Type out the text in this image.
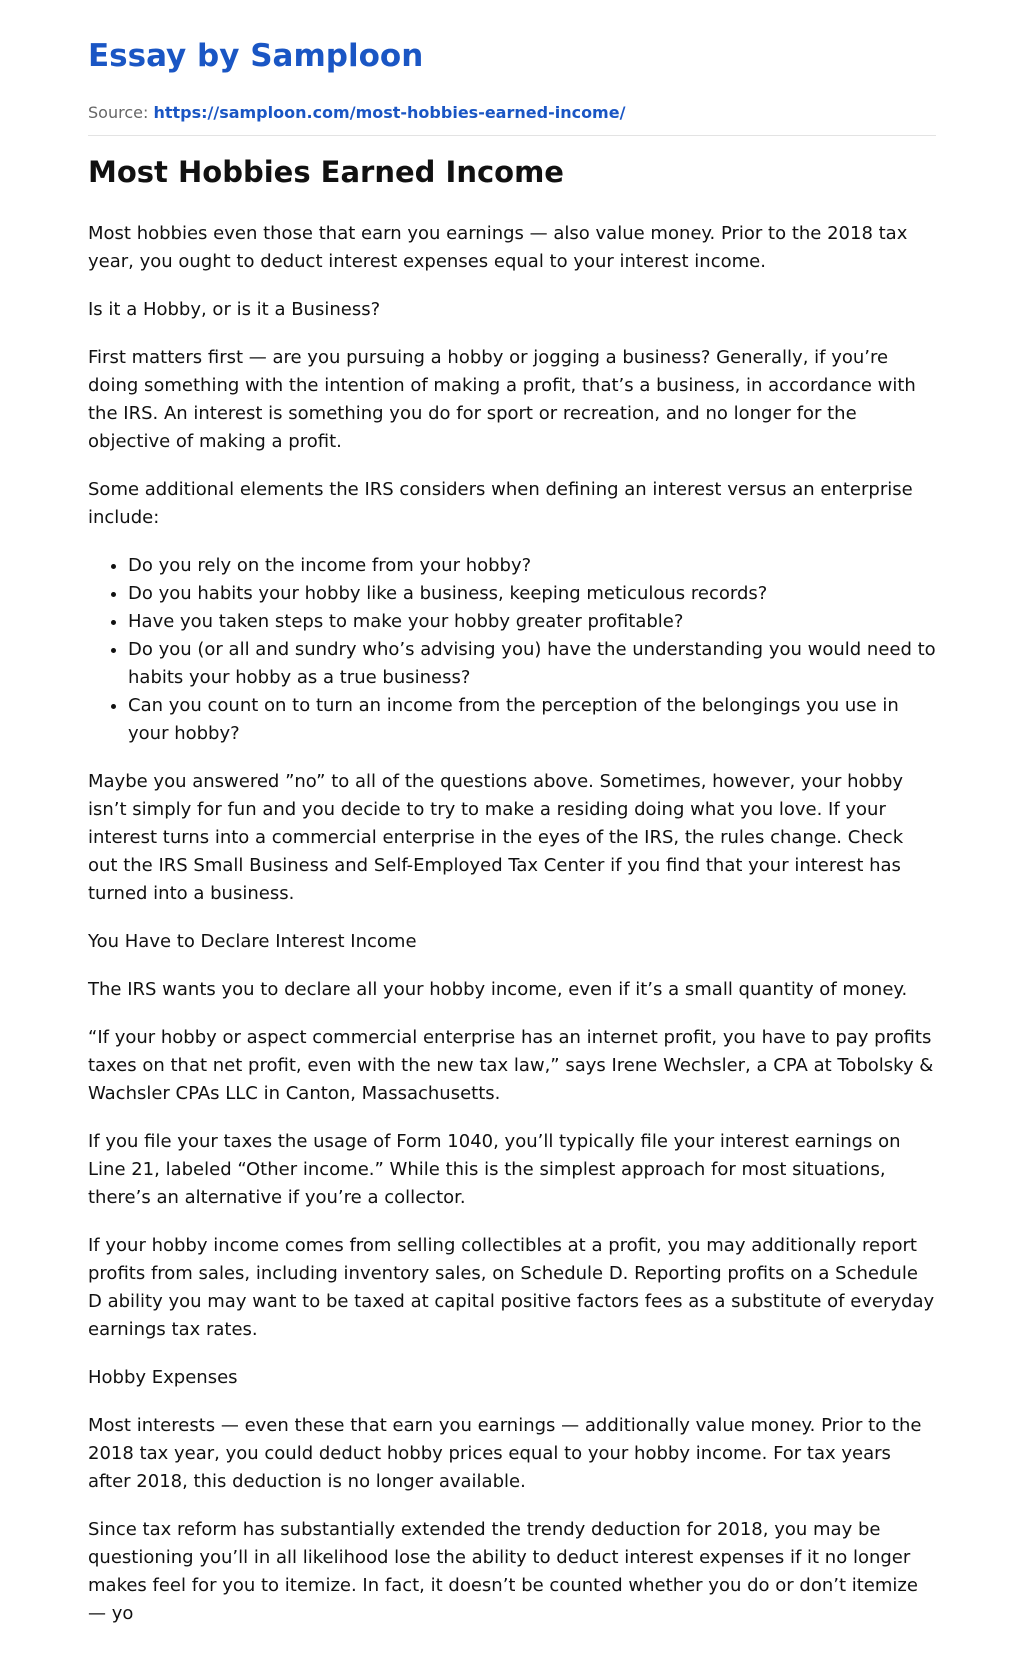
Essay by Samploon
Source: https://samploon.com/most-hobbies-earned-income/
Most Hobbies Earned Income

Most hobbies even those that earn you earnings — also value money. Prior to the 2018 tax year, you ought to deduct interest expenses equal to your interest income.

Is it a Hobby, or is it a Business?

First matters first — are you pursuing a hobby or jogging a business? Generally, if you’re doing something with the intention of making a profit, that’s a business, in accordance with the IRS. An interest is something you do for sport or recreation, and no longer for the objective of making a profit.

Some additional elements the IRS considers when defining an interest versus an enterprise include:

• Do you rely on the income from your hobby?
• Do you habits your hobby like a business, keeping meticulous records?
• Have you taken steps to make your hobby greater profitable?
• Do you (or all and sundry who’s advising you) have the understanding you would need to habits your hobby as a true business?
• Can you count on to turn an income from the perception of the belongings you use in your hobby?

Maybe you answered ”no” to all of the questions above. Sometimes, however, your hobby isn’t simply for fun and you decide to try to make a residing doing what you love. If your interest turns into a commercial enterprise in the eyes of the IRS, the rules change. Check out the IRS Small Business and Self-Employed Tax Center if you find that your interest has turned into a business.

You Have to Declare Interest Income

The IRS wants you to declare all your hobby income, even if it’s a small quantity of money.

“If your hobby or aspect commercial enterprise has an internet profit, you have to pay profits taxes on that net profit, even with the new tax law,” says Irene Wechsler, a CPA at Tobolsky & Wachsler CPAs LLC in Canton, Massachusetts.

If you file your taxes the usage of Form 1040, you’ll typically file your interest earnings on Line 21, labeled “Other income.” While this is the simplest approach for most situations, there’s an alternative if you’re a collector.

If your hobby income comes from selling collectibles at a profit, you may additionally report profits from sales, including inventory sales, on Schedule D. Reporting profits on a Schedule D ability you may want to be taxed at capital positive factors fees as a substitute of everyday earnings tax rates.

Hobby Expenses

Most interests — even these that earn you earnings — additionally value money. Prior to the 2018 tax year, you could deduct hobby prices equal to your hobby income. For tax years after 2018, this deduction is no longer available.

Since tax reform has substantially extended the trendy deduction for 2018, you may be questioning you’ll in all likelihood lose the ability to deduct interest expenses if it no longer makes feel for you to itemize. In fact, it doesn’t be counted whether you do or don’t itemize — yo
